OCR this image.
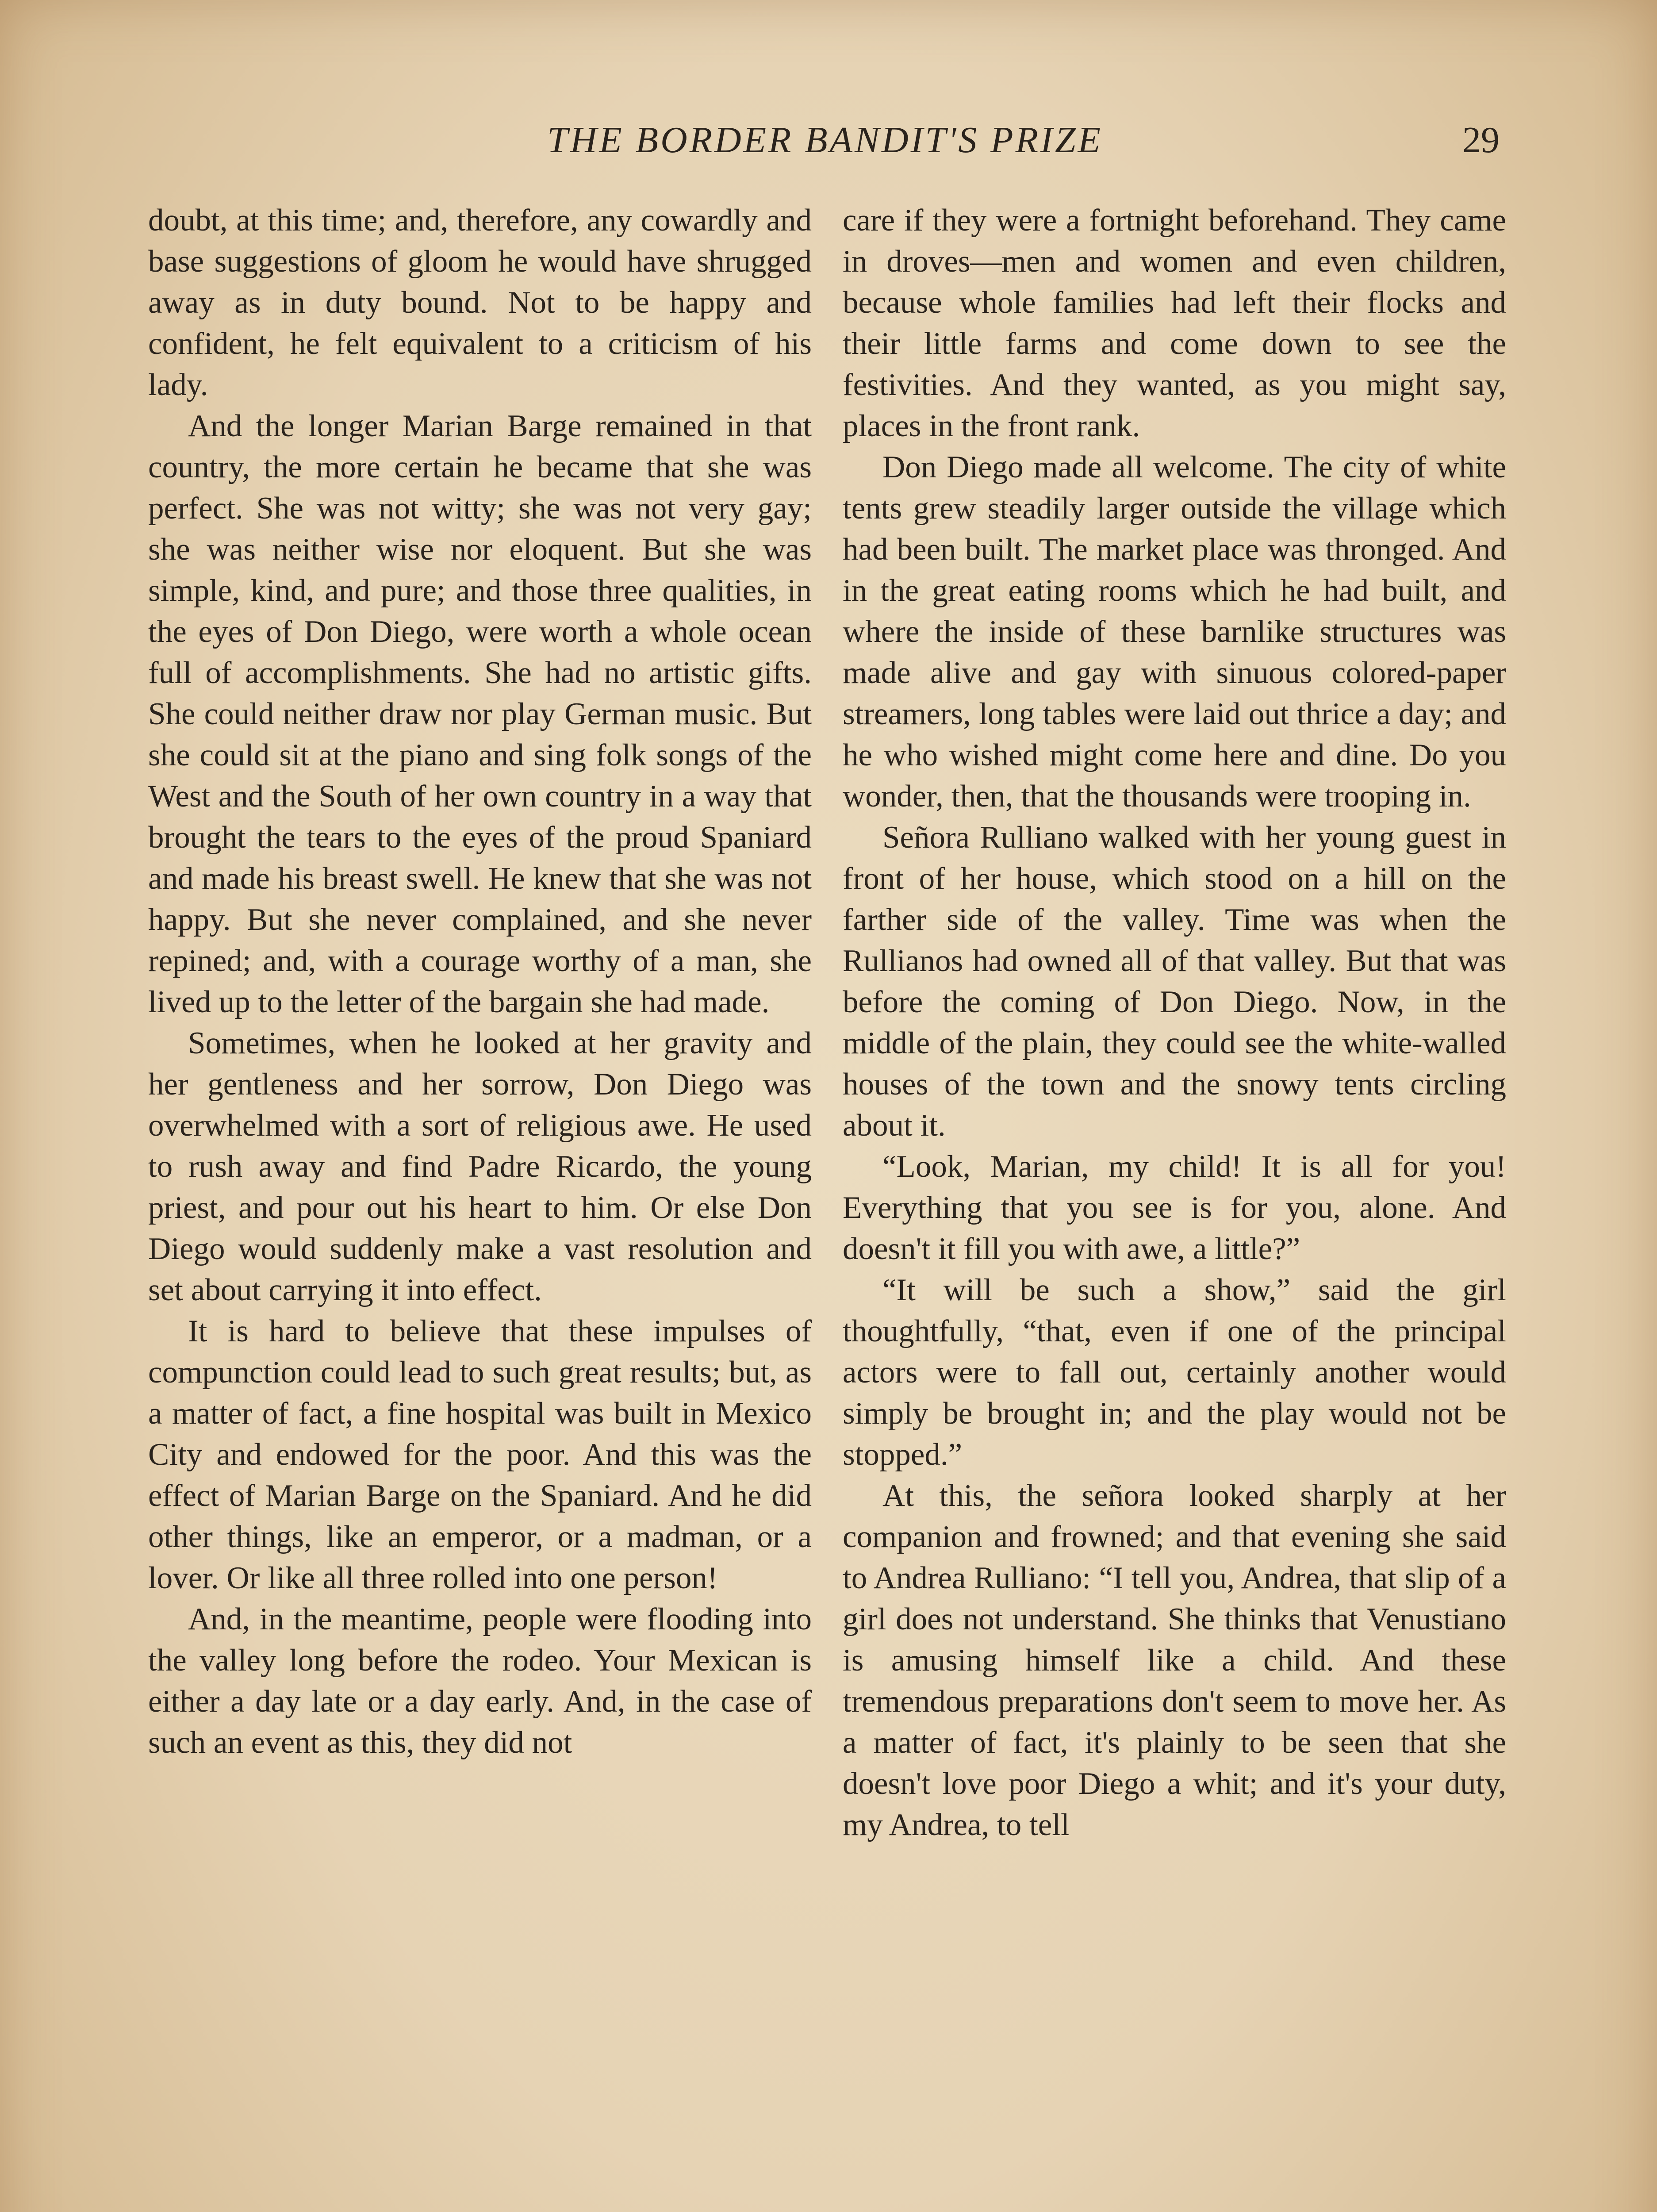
THE BORDER BANDIT'S PRIZE	29

doubt, at this time; and, therefore, any cowardly and base suggestions of gloom he would have shrugged away as in duty bound. Not to be happy and confident, he felt equivalent to a criticism of his lady.

And the longer Marian Barge remained in that country, the more certain he became that she was perfect. She was not witty; she was not very gay; she was neither wise nor eloquent. But she was simple, kind, and pure; and those three qualities, in the eyes of Don Diego, were worth a whole ocean full of accomplishments. She had no artistic gifts. She could neither draw nor play German music. But she could sit at the piano and sing folk songs of the West and the South of her own country in a way that brought the tears to the eyes of the proud Spaniard and made his breast swell. He knew that she was not happy. But she never complained, and she never repined; and, with a courage worthy of a man, she lived up to the letter of the bargain she had made.

Sometimes, when he looked at her gravity and her gentleness and her sorrow, Don Diego was overwhelmed with a sort of religious awe. He used to rush away and find Padre Ricardo, the young priest, and pour out his heart to him. Or else Don Diego would suddenly make a vast resolution and set about carrying it into effect.

It is hard to believe that these impulses of compunction could lead to such great results; but, as a matter of fact, a fine hospital was built in Mexico City and endowed for the poor. And this was the effect of Marian Barge on the Spaniard. And he did other things, like an emperor, or a madman, or a lover. Or like all three rolled into one person!

And, in the meantime, people were flooding into the valley long before the rodeo. Your Mexican is either a day late or a day early. And, in the case of such an event as this, they did not

care if they were a fortnight beforehand. They came in droves—men and women and even children, because whole families had left their flocks and their little farms and come down to see the festivities. And they wanted, as you might say, places in the front rank.

Don Diego made all welcome. The city of white tents grew steadily larger outside the village which had been built. The market place was thronged. And in the great eating rooms which he had built, and where the inside of these barnlike structures was made alive and gay with sinuous colored-paper streamers, long tables were laid out thrice a day; and he who wished might come here and dine. Do you wonder, then, that the thousands were trooping in.

Señora Rulliano walked with her young guest in front of her house, which stood on a hill on the farther side of the valley. Time was when the Rullianos had owned all of that valley. But that was before the coming of Don Diego. Now, in the middle of the plain, they could see the white-walled houses of the town and the snowy tents circling about it.

“Look, Marian, my child! It is all for you! Everything that you see is for you, alone. And doesn't it fill you with awe, a little?”

“It will be such a show,” said the girl thoughtfully, “that, even if one of the principal actors were to fall out, certainly another would simply be brought in; and the play would not be stopped.”

At this, the señora looked sharply at her companion and frowned; and that evening she said to Andrea Rulliano: “I tell you, Andrea, that slip of a girl does not understand. She thinks that Venustiano is amusing himself like a child. And these tremendous preparations don't seem to move her. As a matter of fact, it's plainly to be seen that she doesn't love poor Diego a whit; and it's your duty, my Andrea, to tell
